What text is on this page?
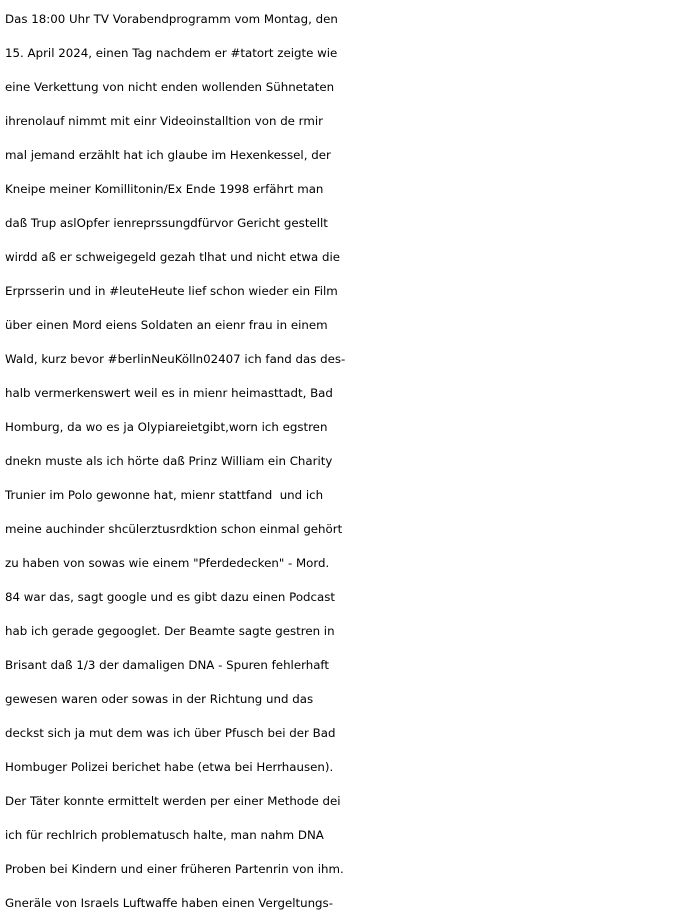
Das 18:00 Uhr TV Vorabendprogramm vom Montag, den
15. April 2024, einen Tag nachdem er #tatort zeigte wie
eine Verkettung von nicht enden wollenden Sühnetaten
ihrenolauf nimmt mit einr Videoinstalltion von de rmir
mal jemand erzählt hat ich glaube im Hexenkessel, der
Kneipe meiner Komillitonin/Ex Ende 1998 erfährt man
daß Trup aslOpfer ienreprssungdfürvor Gericht gestellt
wirdd aß er schweigegeld gezah tlhat und nicht etwa die
Erprsserin und in #leuteHeute lief schon wieder ein Film
über einen Mord eiens Soldaten an eienr frau in einem
Wald, kurz bevor #berlinNeuKölln02407 ich fand das des-
halb vermerkenswert weil es in mienr heimasttadt, Bad
Homburg, da wo es ja Olypiareietgibt,worn ich egstren
dnekn muste als ich hörte daß Prinz William ein Charity
Trunier im Polo gewonne hat, mienr stattfand  und ich
meine auchinder shcülerztusrdktion schon einmal gehört
zu haben von sowas wie einem "Pferdedecken" - Mord.
84 war das, sagt google und es gibt dazu einen Podcast
hab ich gerade gegooglet. Der Beamte sagte gestren in
Brisant daß 1/3 der damaligen DNA - Spuren fehlerhaft
gewesen waren oder sowas in der Richtung und das
deckst sich ja mut dem was ich über Pfusch bei der Bad
Hombuger Polizei berichet habe (etwa bei Herrhausen).
Der Täter konnte ermittelt werden per einer Methode dei
ich für rechlrich problematusch halte, man nahm DNA
Proben bei Kindern und einer früheren Partenrin von ihm.
Gneräle von Israels Luftwaffe haben einen Vergeltungs-
